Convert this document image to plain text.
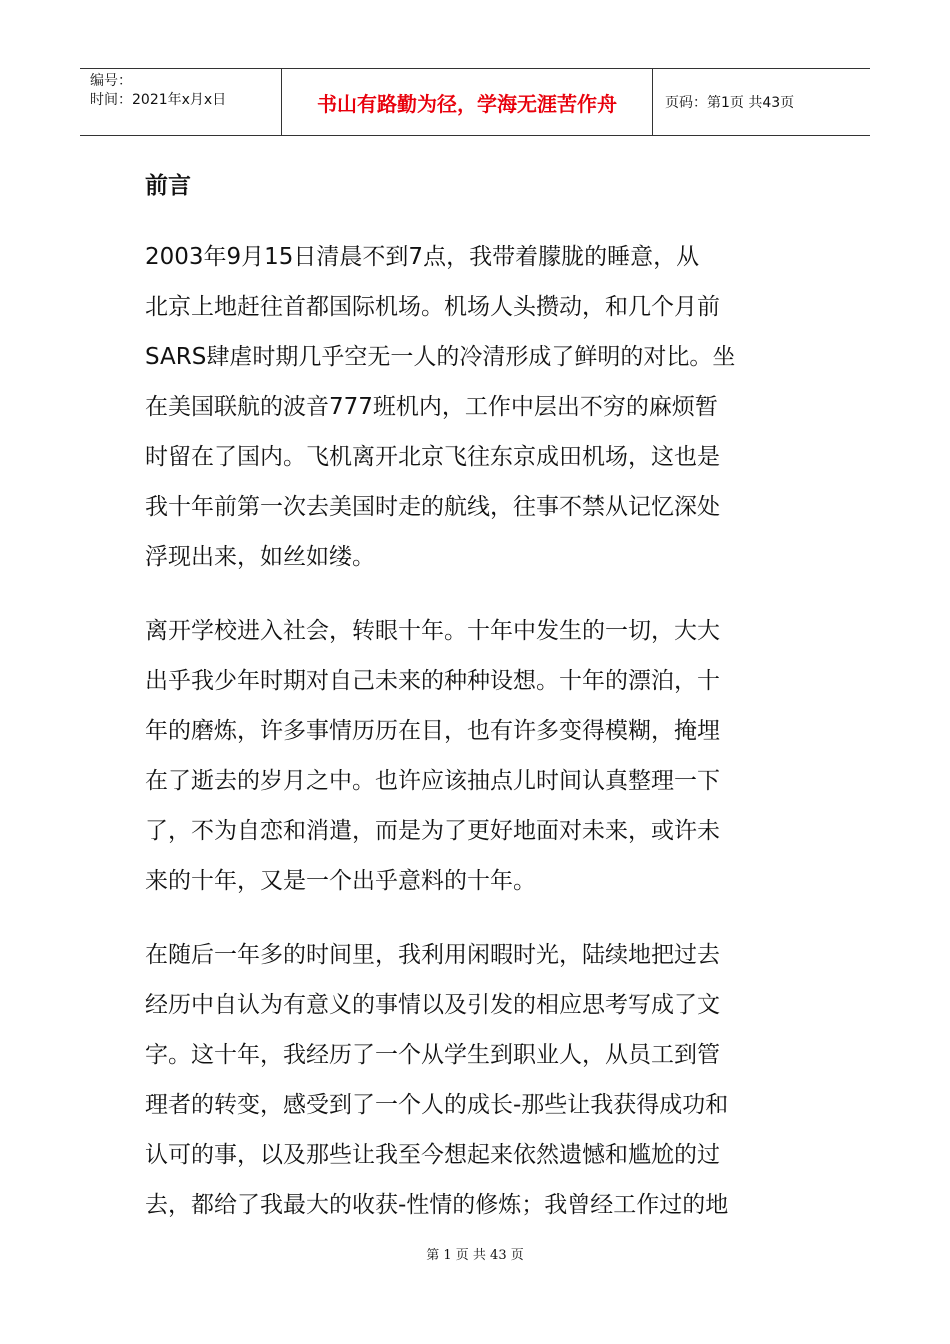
编号：
时间：2021年x月x日	书山有路勤为径，学海无涯苦作舟	页码：第1页 共43页
前言

2003年9月15日清晨不到7点，我带着朦胧的睡意，从
北京上地赶往首都国际机场。机场人头攒动，和几个月前
SARS肆虐时期几乎空无一人的冷清形成了鲜明的对比。坐
在美国联航的波音777班机内，工作中层出不穷的麻烦暂
时留在了国内。飞机离开北京飞往东京成田机场，这也是
我十年前第一次去美国时走的航线，往事不禁从记忆深处
浮现出来，如丝如缕。

离开学校进入社会，转眼十年。十年中发生的一切，大大
出乎我少年时期对自己未来的种种设想。十年的漂泊，十
年的磨炼，许多事情历历在目，也有许多变得模糊，掩埋
在了逝去的岁月之中。也许应该抽点儿时间认真整理一下
了，不为自恋和消遣，而是为了更好地面对未来，或许未
来的十年，又是一个出乎意料的十年。

在随后一年多的时间里，我利用闲暇时光，陆续地把过去
经历中自认为有意义的事情以及引发的相应思考写成了文
字。这十年，我经历了一个从学生到职业人，从员工到管
理者的转变，感受到了一个人的成长-那些让我获得成功和
认可的事，以及那些让我至今想起来依然遗憾和尴尬的过
去，都给了我最大的收获-性情的修炼；我曾经工作过的地

第 1 页 共 43 页
